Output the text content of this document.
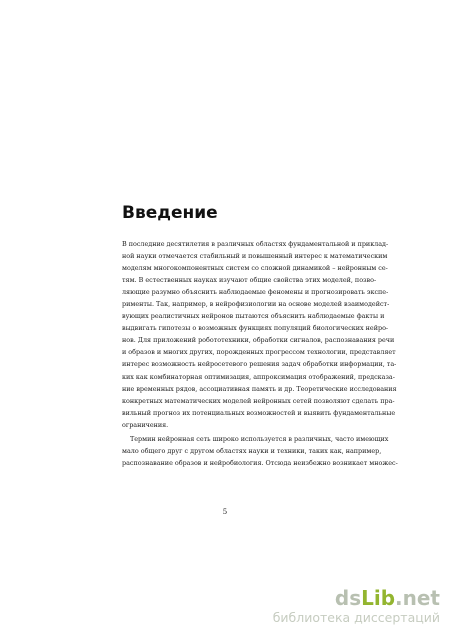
Введение
В последние десятилетия в различных областях фундаментальной и приклад-
ной науки отмечается стабильный и повышенный интерес к математическим
моделям многокомпонентных систем со сложной динамикой – нейронным се-
тям. В естественных науках изучают общие свойства этих моделей, позво-
ляющие разумно объяснить наблюдаемые феномены и прогнозировать экспе-
рименты. Так, например, в нейрофизиологии на основе моделей взаимодейст-
вующих реалистичных нейронов пытаются объяснить наблюдаемые факты и
выдвигать гипотезы о возможных функциях популяций биологических нейро-
нов. Для приложений робототехники, обработки сигналов, распознавания речи
и образов и многих других, порожденных прогрессом технологии, представляет
интерес возможность нейросетевого решения задач обработки информации, та-
ких как комбинаторная оптимизация, аппроксимация отображений, предсказа-
ние временных рядов, ассоциативная память и др. Теоретические исследования
конкретных математических моделей нейронных сетей позволяют сделать пра-
вильный прогноз их потенциальных возможностей и выявить фундаментальные
ограничения.
Термин нейронная сеть широко используется в различных, часто имеющих
мало общего друг с другом областях науки и техники, таких как, например,
распознавание образов и нейробиология. Отсюда неизбежно возникает множес-

5

dsLib.net
библиотека диссертаций
